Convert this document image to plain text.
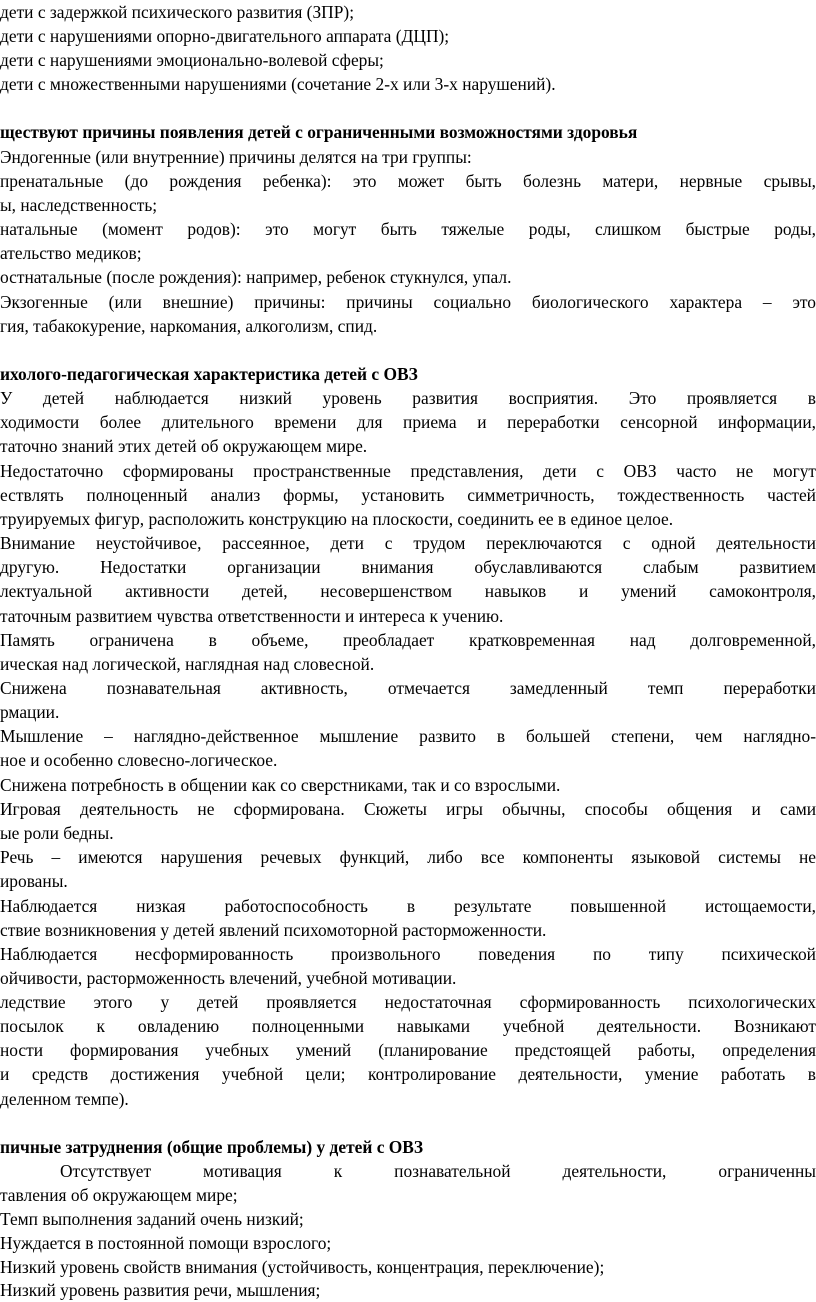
дети с задержкой психического развития (ЗПР);
дети с нарушениями опорно-двигательного аппарата (ДЦП);
дети с нарушениями эмоционально-волевой сферы;
дети с множественными нарушениями (сочетание 2-х или 3-х нарушений).
ществуют причины появления детей с ограниченными возможностями здоровья
Эндогенные (или внутренние) причины делятся на три группы:
пренатальные (до рождения ребенка): это может быть болезнь матери, нервные срывы,
ы, наследственность;
натальные (момент родов): это могут быть тяжелые роды, слишком быстрые роды,
ательство медиков;
остнатальные (после рождения): например, ребенок стукнулся, упал.
Экзогенные (или внешние) причины: причины социально биологического характера – это
гия, табакокурение, наркомания, алкоголизм, спид.
ихолого-педагогическая характеристика детей с ОВЗ
У детей наблюдается низкий уровень развития восприятия. Это проявляется в
ходимости более длительного времени для приема и переработки сенсорной информации,
таточно знаний этих детей об окружающем мире.
Недостаточно сформированы пространственные представления, дети с ОВЗ часто не могут
ествлять полноценный анализ формы, установить симметричность, тождественность частей
труируемых фигур, расположить конструкцию на плоскости, соединить ее в единое целое.
Внимание неустойчивое, рассеянное, дети с трудом переключаются с одной деятельности
другую. Недостатки организации внимания обуславливаются слабым развитием
лектуальной активности детей, несовершенством навыков и умений самоконтроля,
таточным развитием чувства ответственности и интереса к учению.
Память ограничена в объеме, преобладает кратковременная над долговременной,
ическая над логической, наглядная над словесной.
Снижена познавательная активность, отмечается замедленный темп переработки
рмации.
Мышление – наглядно-действенное мышление развито в большей степени, чем наглядно-
ное и особенно словесно-логическое.
Снижена потребность в общении как со сверстниками, так и со взрослыми.
Игровая деятельность не сформирована. Сюжеты игры обычны, способы общения и сами
ые роли бедны.
Речь – имеются нарушения речевых функций, либо все компоненты языковой системы не
ированы.
Наблюдается низкая работоспособность в результате повышенной истощаемости,
ствие возникновения у детей явлений психомоторной расторможенности.
Наблюдается несформированность произвольного поведения по типу психической
ойчивости, расторможенность влечений, учебной мотивации.
ледствие этого у детей проявляется недостаточная сформированность психологических
посылок к овладению полноценными навыками учебной деятельности. Возникают
ности формирования учебных умений (планирование предстоящей работы, определения
и средств достижения учебной цели; контролирование деятельности, умение работать в
деленном темпе).
пичные затруднения (общие проблемы) у детей с ОВЗ
Отсутствует мотивация к познавательной деятельности, ограниченны
тавления об окружающем мире;
Темп выполнения заданий очень низкий;
Нуждается в постоянной помощи взрослого;
Низкий уровень свойств внимания (устойчивость, концентрация, переключение);
Низкий уровень развития речи, мышления;
